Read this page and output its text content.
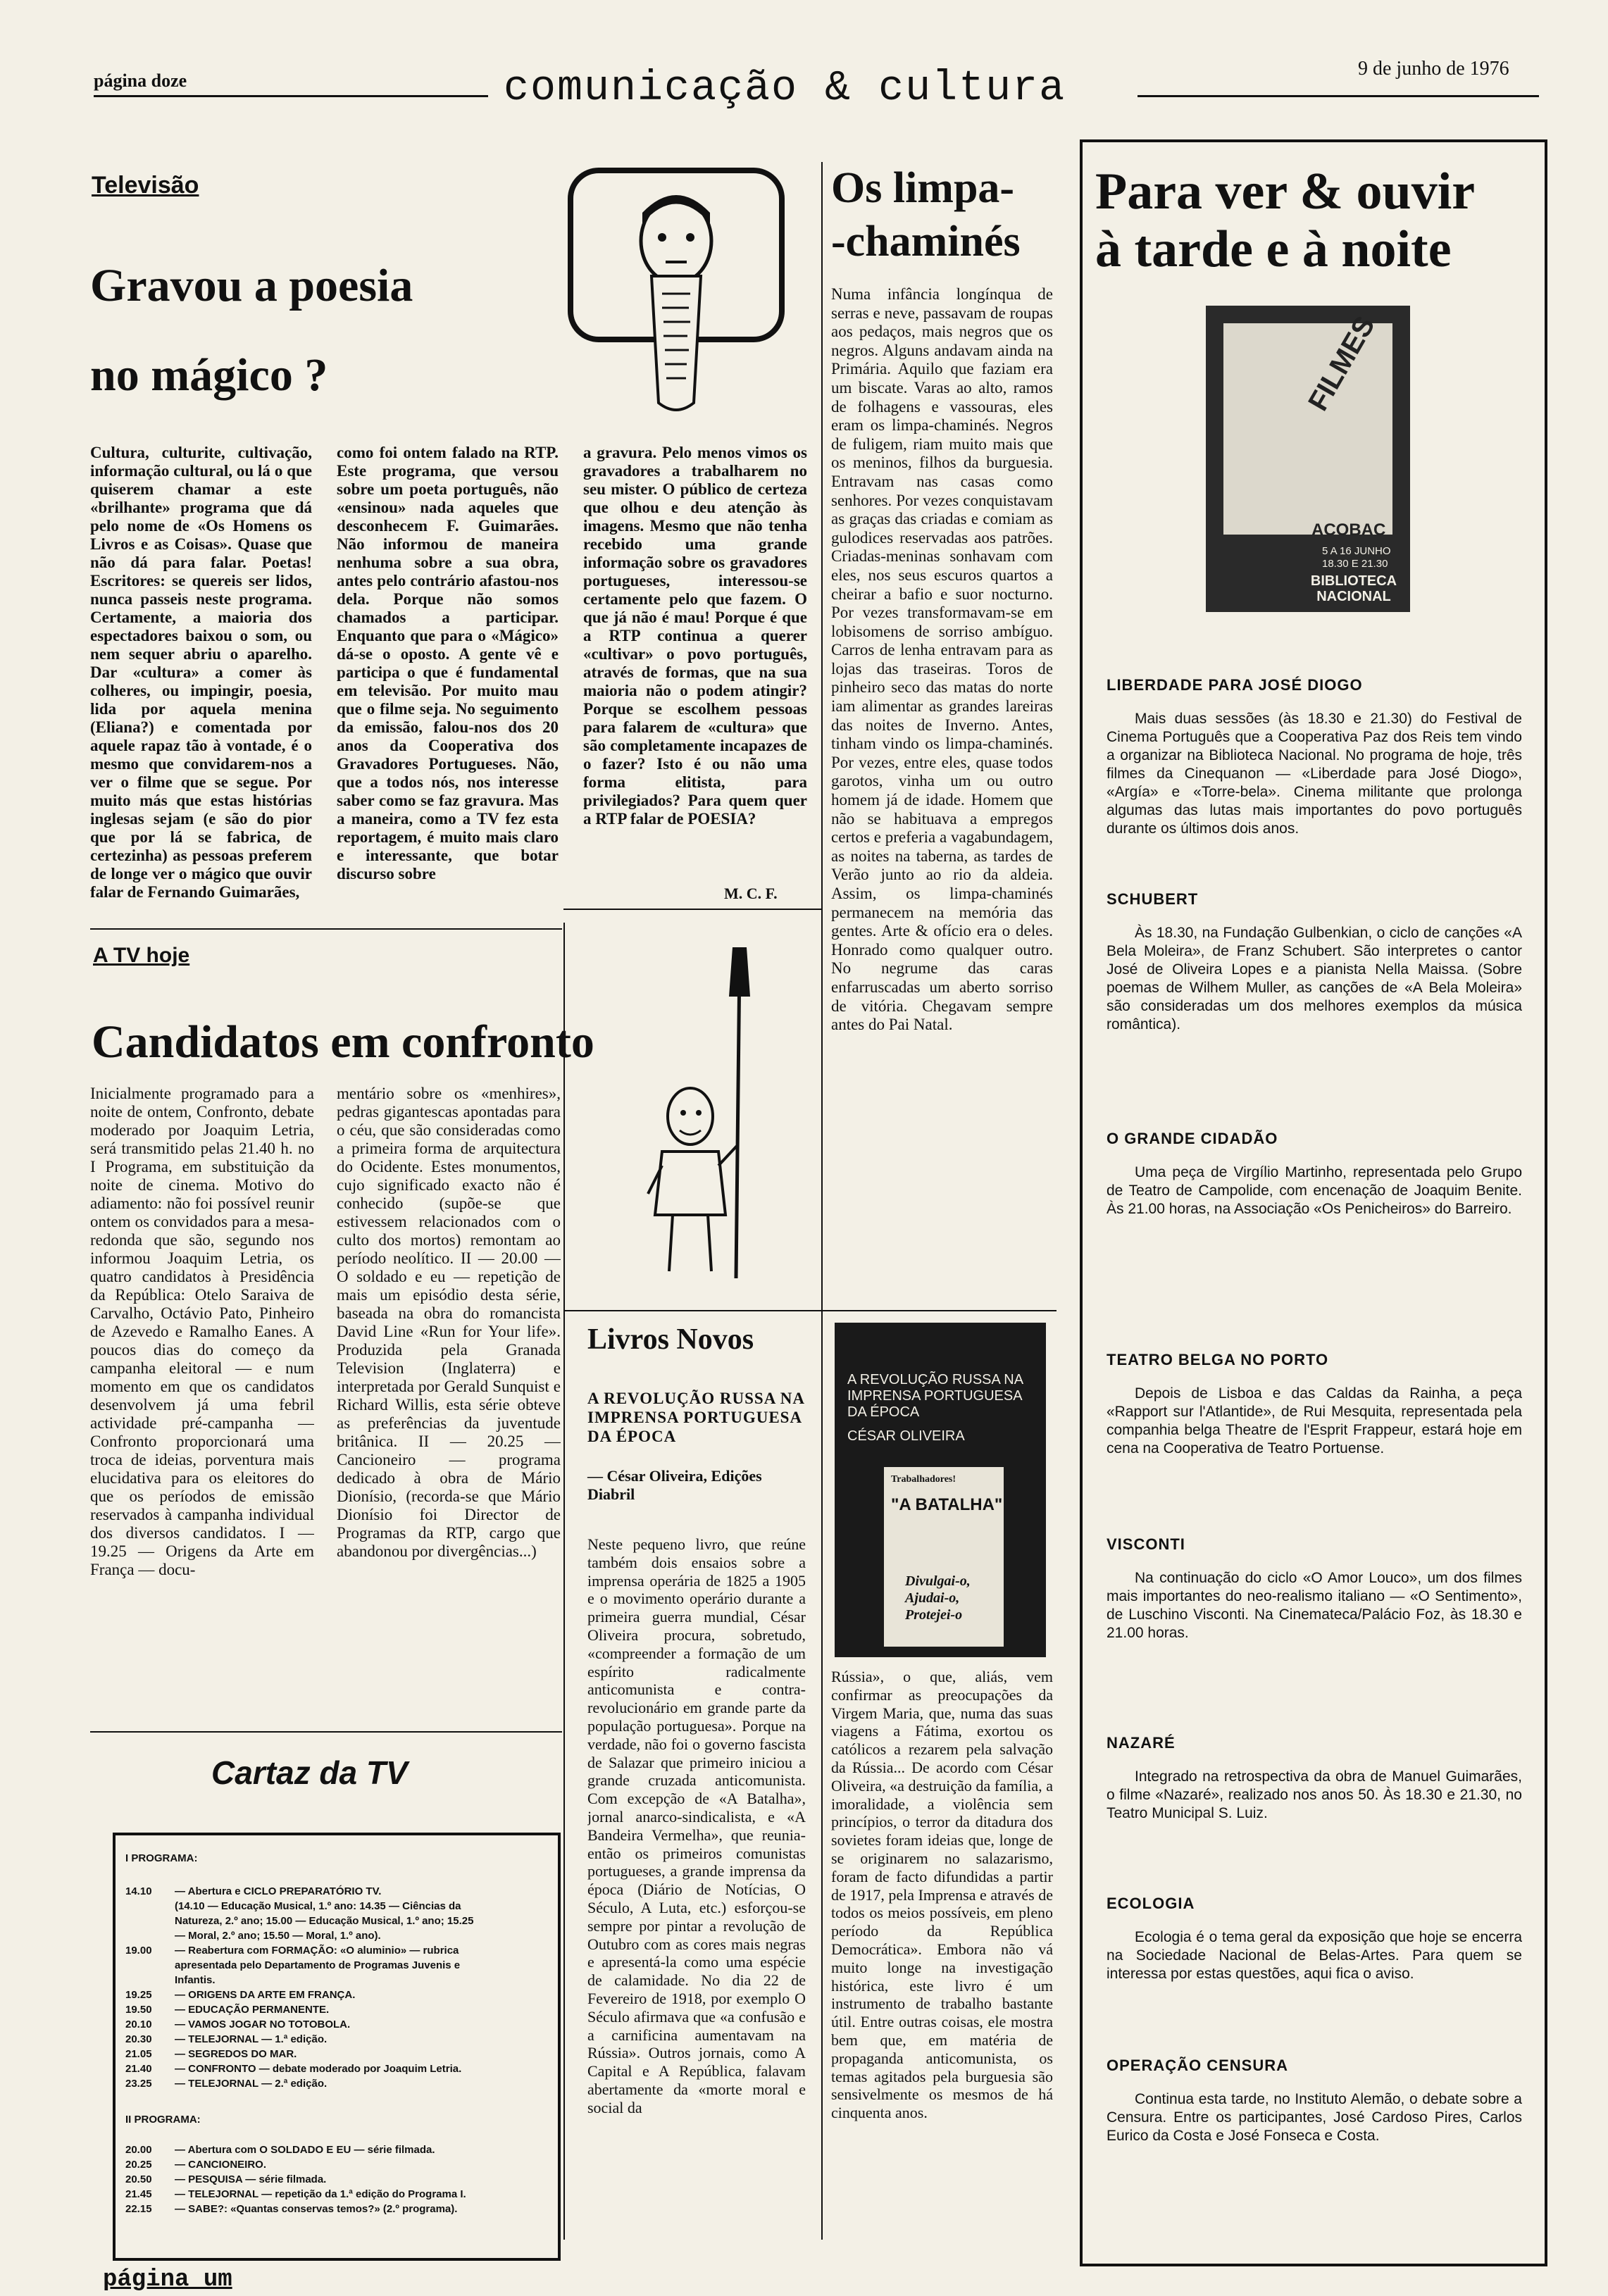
página doze	comunicação & cultura	9 de junho de 1976
Televisão
Gravou a poesia
no mágico ?
Cultura, culturite, cultivação, informação cultural, ou lá o que quiserem chamar a este «brilhante» programa que dá pelo nome de «Os Homens os Livros e as Coisas». Quase que não dá para falar. Poetas! Escritores: se quereis ser lidos, nunca passeis neste programa. Certamente, a maioria dos espectadores baixou o som, ou nem sequer abriu o aparelho. Dar «cultura» a comer às colheres, ou impingir, poesia, lida por aquela menina (Eliana?) e comentada por aquele rapaz tão à vontade, é o mesmo que convidarem-nos a ver o filme que se segue. Por muito más que estas histórias inglesas sejam (e são do pior que por lá se fabrica, de certezinha) as pessoas preferem de longe ver o mágico que ouvir falar de Fernando Guimarães,
como foi ontem falado na RTP. Este programa, que versou sobre um poeta português, não «ensinou» nada aqueles que desconhecem F. Guimarães. Não informou de maneira nenhuma sobre a sua obra, antes pelo contrário afastou-nos dela. Porque não somos chamados a participar. Enquanto que para o «Mágico» dá-se o oposto. A gente vê e participa o que é fundamental em televisão. Por muito mau que o filme seja. No seguimento da emissão, falou-nos dos 20 anos da Cooperativa dos Gravadores Portugueses. Não, que a todos nós, nos interesse saber como se faz gravura. Mas a maneira, como a TV fez esta reportagem, é muito mais claro e interessante, que botar discurso sobre
a gravura. Pelo menos vimos os gravadores a trabalharem no seu mister. O público de certeza que olhou e deu atenção às imagens. Mesmo que não tenha recebido uma grande informação sobre os gravadores portugueses, interessou-se certamente pelo que fazem. O que já não é mau! Porque é que a RTP continua a querer «cultivar» o povo português, através de formas, que na sua maioria não o podem atingir? Porque se escolhem pessoas para falarem de «cultura» que são completamente incapazes de o fazer? Isto é ou não uma forma elitista, para privilegiados? Para quem quer a RTP falar de POESIA?
M. C. F.
A TV hoje
Candidatos em confronto
Inicialmente programado para a noite de ontem, Confronto, debate moderado por Joaquim Letria, será transmitido pelas 21.40 h. no I Programa, em substituição da noite de cinema. Motivo do adiamento: não foi possível reunir ontem os convidados para a mesa-redonda que são, segundo nos informou Joaquim Letria, os quatro candidatos à Presidência da República: Otelo Saraiva de Carvalho, Octávio Pato, Pinheiro de Azevedo e Ramalho Eanes. A poucos dias do começo da campanha eleitoral — e num momento em que os candidatos desenvolvem já uma febril actividade pré-campanha — Confronto proporcionará uma troca de ideias, porventura mais elucidativa para os eleitores do que os períodos de emissão reservados à campanha individual dos diversos candidatos. I — 19.25 — Origens da Arte em França — docu-
mentário sobre os «menhires», pedras gigantescas apontadas para o céu, que são consideradas como a primeira forma de arquitectura do Ocidente. Estes monumentos, cujo significado exacto não é conhecido (supõe-se que estivessem relacionados com o culto dos mortos) remontam ao período neolítico. II — 20.00 — O soldado e eu — repetição de mais um episódio desta série, baseada na obra do romancista David Line «Run for Your life». Produzida pela Granada Television (Inglaterra) e interpretada por Gerald Sunquist e Richard Willis, esta série obteve as preferências da juventude britânica. II — 20.25 — Cancioneiro — programa dedicado à obra de Mário Dionísio, (recorda-se que Mário Dionísio foi Director de Programas da RTP, cargo que abandonou por divergências...)
Cartaz da TV
I PROGRAMA:
14.10 — Abertura e CICLO PREPARATÓRIO TV.
(14.10 — Educação Musical, 1.º ano: 14.35 — Ciências da
Natureza, 2.º ano; 15.00 — Educação Musical, 1.º ano; 15.25
— Moral, 2.º ano; 15.50 — Moral, 1.º ano).
19.00 — Reabertura com FORMAÇÃO: «O aluminio» — rubrica
apresentada pelo Departamento de Programas Juvenis e
Infantis.
19.25 — ORIGENS DA ARTE EM FRANÇA.
19.50 — EDUCAÇÃO PERMANENTE.
20.10 — VAMOS JOGAR NO TOTOBOLA.
20.30 — TELEJORNAL — 1.ª edição.
21.05 — SEGREDOS DO MAR.
21.40 — CONFRONTO — debate moderado por Joaquim Letria.
23.25 — TELEJORNAL — 2.ª edição.
II PROGRAMA:
20.00 — Abertura com O SOLDADO E EU — série filmada.
20.25 — CANCIONEIRO.
20.50 — PESQUISA — série filmada.
21.45 — TELEJORNAL — repetição da 1.ª edição do Programa I.
22.15 — SABE?: «Quantas conservas temos?» (2.º programa).
página um
Os limpa-
-chaminés
Numa infância longínqua de serras e neve, passavam de roupas aos pedaços, mais negros que os negros. Alguns andavam ainda na Primária. Aquilo que faziam era um biscate. Varas ao alto, ramos de folhagens e vassouras, eles eram os limpa-chaminés. Negros de fuligem, riam muito mais que os meninos, filhos da burguesia. Entravam nas casas como senhores. Por vezes conquistavam as graças das criadas e comiam as gulodices reservadas aos patrões. Criadas-meninas sonhavam com eles, nos seus escuros quartos a cheirar a bafio e suor nocturno. Por vezes transformavam-se em lobisomens de sorriso ambíguo. Carros de lenha entravam para as lojas das traseiras. Toros de pinheiro seco das matas do norte iam alimentar as grandes lareiras das noites de Inverno. Antes, tinham vindo os limpa-chaminés. Por vezes, entre eles, quase todos garotos, vinha um ou outro homem já de idade. Homem que não se habituava a empregos certos e preferia a vagabundagem, as noites na taberna, as tardes de Verão junto ao rio da aldeia. Assim, os limpa-chaminés permanecem na memória das gentes. Arte & ofício era o deles. Honrado como qualquer outro. No negrume das caras enfarruscadas um aberto sorriso de vitória. Chegavam sempre antes do Pai Natal.
Livros Novos
A REVOLUÇÃO RUSSA NA IMPRENSA PORTUGUESA DA ÉPOCA
— César Oliveira, Edições Diabril
A REVOLUÇÃO RUSSA NA IMPRENSA PORTUGUESA DA ÉPOCA
CÉSAR OLIVEIRA
Trabalhadores!
"A BATALHA"
Divulgai-o, Ajudai-o, Protejei-o
Neste pequeno livro, que reúne também dois ensaios sobre a imprensa operária de 1825 a 1905 e o movimento operário durante a primeira guerra mundial, César Oliveira procura, sobretudo, «compreender a formação de um espírito radicalmente anticomunista e contra-revolucionário em grande parte da população portuguesa». Porque na verdade, não foi o governo fascista de Salazar que primeiro iniciou a grande cruzada anticomunista. Com excepção de «A Batalha», jornal anarco-sindicalista, e «A Bandeira Vermelha», que reunia-então os primeiros comunistas portugueses, a grande imprensa da época (Diário de Notícias, O Século, A Luta, etc.) esforçou-se sempre por pintar a revolução de Outubro com as cores mais negras e apresentá-la como uma espécie de calamidade. No dia 22 de Fevereiro de 1918, por exemplo O Século afirmava que «a confusão e a carnificina aumentavam na Rússia». Outros jornais, como A Capital e A República, falavam abertamente da «morte moral e social da
Rússia», o que, aliás, vem confirmar as preocupações da Virgem Maria, que, numa das suas viagens a Fátima, exortou os católicos a rezarem pela salvação da Rússia... De acordo com César Oliveira, «a destruição da família, a imoralidade, a violência sem princípios, o terror da ditadura dos sovietes foram ideias que, longe de se originarem no salazarismo, foram de facto difundidas a partir de 1917, pela Imprensa e através de todos os meios possíveis, em pleno período da República Democrática». Embora não vá muito longe na investigação histórica, este livro é um instrumento de trabalho bastante útil. Entre outras coisas, ele mostra bem que, em matéria de propaganda anticomunista, os temas agitados pela burguesia são sensivelmente os mesmos de há cinquenta anos.
Para ver & ouvir
à tarde e à noite
FILMES
ACOBAC
5 A 16 JUNHO
18.30 E 21.30
BIBLIOTECA NACIONAL
LIBERDADE PARA JOSÉ DIOGO
Mais duas sessões (às 18.30 e 21.30) do Festival de Cinema Português que a Cooperativa Paz dos Reis tem vindo a organizar na Biblioteca Nacional. No programa de hoje, três filmes da Cinequanon — «Liberdade para José Diogo», «Argía» e «Torre-bela». Cinema militante que prolonga algumas das lutas mais importantes do povo português durante os últimos dois anos.
SCHUBERT
Às 18.30, na Fundação Gulbenkian, o ciclo de canções «A Bela Moleira», de Franz Schubert. São interpretes o cantor José de Oliveira Lopes e a pianista Nella Maissa. (Sobre poemas de Wilhem Muller, as canções de «A Bela Moleira» são consideradas um dos melhores exemplos da música romântica).
O GRANDE CIDADÃO
Uma peça de Virgílio Martinho, representada pelo Grupo de Teatro de Campolide, com encenação de Joaquim Benite. Às 21.00 horas, na Associação «Os Penicheiros» do Barreiro.
TEATRO BELGA NO PORTO
Depois de Lisboa e das Caldas da Rainha, a peça «Rapport sur l'Atlantide», de Rui Mesquita, representada pela companhia belga Theatre de l'Esprit Frappeur, estará hoje em cena na Cooperativa de Teatro Portuense.
VISCONTI
Na continuação do ciclo «O Amor Louco», um dos filmes mais importantes do neo-realismo italiano — «O Sentimento», de Luschino Visconti. Na Cinemateca/Palácio Foz, às 18.30 e 21.00 horas.
NAZARÉ
Integrado na retrospectiva da obra de Manuel Guimarães, o filme «Nazaré», realizado nos anos 50. Às 18.30 e 21.30, no Teatro Municipal S. Luiz.
ECOLOGIA
Ecologia é o tema geral da exposição que hoje se encerra na Sociedade Nacional de Belas-Artes. Para quem se interessa por estas questões, aqui fica o aviso.
OPERAÇÃO CENSURA
Continua esta tarde, no Instituto Alemão, o debate sobre a Censura. Entre os participantes, José Cardoso Pires, Carlos Eurico da Costa e José Fonseca e Costa.
